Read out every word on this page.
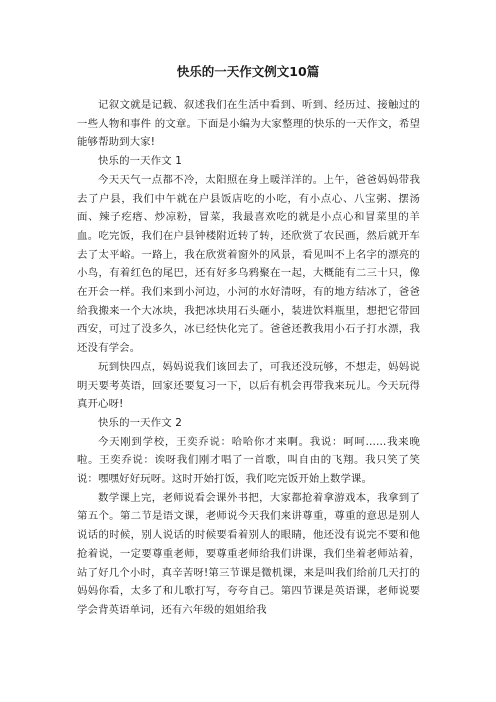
快乐的一天作文例文10篇

记叙文就是记载、叙述我们在生活中看到、听到、经历过、接触过的一些人物和事件 的文章。下面是小编为大家整理的快乐的一天作文，希望能够帮助到大家!

快乐的一天作文 1

今天天气一点都不冷，太阳照在身上暖洋洋的。上午，爸爸妈妈带我去了户县，我们中午就在户县饭店吃的小吃，有小点心、八宝粥、摆汤面、辣子疙瘩、炒凉粉，冒菜，我最喜欢吃的就是小点心和冒菜里的羊血。吃完饭，我们在户县钟楼附近转了转，还欣赏了农民画，然后就开车去了太平峪。一路上，我在欣赏着窗外的风景，看见叫不上名字的漂亮的小鸟，有着红色的尾巴，还有好多乌鸦聚在一起，大概能有二三十只，像在开会一样。我们来到小河边，小河的水好清呀，有的地方结冰了，爸爸给我搬来一个大冰块，我把冰块用石头砸小，装进饮料瓶里，想把它带回西安，可过了没多久，冰已经快化完了。爸爸还教我用小石子打水漂，我还没有学会。

玩到快四点，妈妈说我们该回去了，可我还没玩够，不想走，妈妈说明天要考英语，回家还要复习一下，以后有机会再带我来玩儿。今天玩得真开心呀!

快乐的一天作文 2

今天刚到学校，王奕乔说：哈哈你才来啊。我说：呵呵……我来晚啦。王奕乔说：诶呀我们刚才唱了一首歌，叫自由的飞翔。我只笑了笑说：嘿嘿好好玩呀。这时开始打饭，我们吃完饭开始上数学课。

数学课上完，老师说看会课外书把，大家都抢着拿游戏本，我拿到了第五个。第二节是语文课，老师说今天我们来讲尊重，尊重的意思是别人说话的时候，别人说话的时候要看着别人的眼睛，他还没有说完不要和他抢着说，一定要尊重老师，要尊重老师给我们讲课，我们坐着老师站着，站了好几个小时，真辛苦呀!第三节课是微机课，来是叫我们给前几天打的妈妈你看，太多了和儿歌打写，夸夸自己。第四节课是英语课，老师说要学会背英语单词，还有六年级的姐姐给我
